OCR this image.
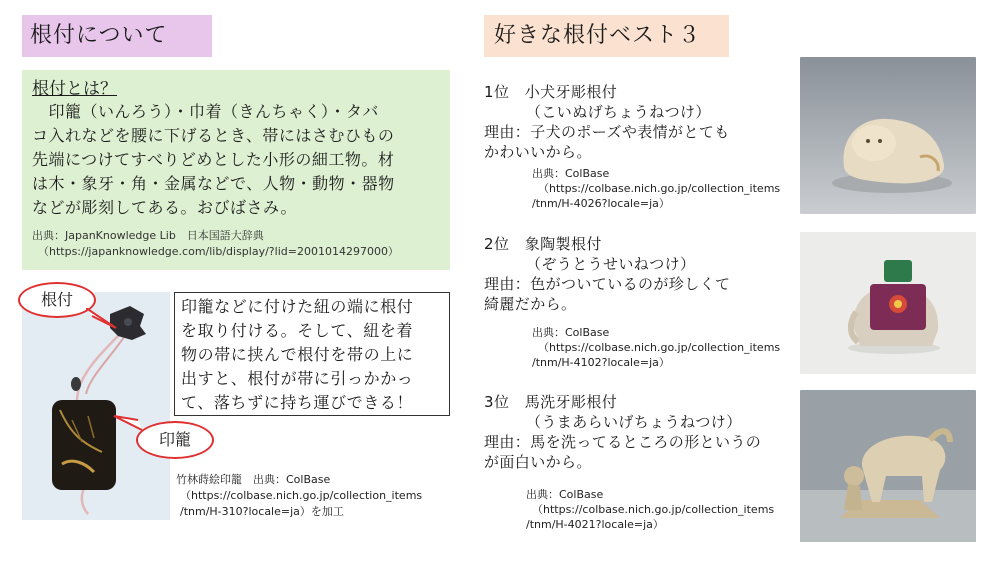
根付について	好きな根付ベスト３
根付とは？
　印籠（いんろう）・巾着（きんちゃく）・タバ
コ入れなどを腰に下げるとき、帯にはさむひもの
先端につけてすべりどめとした小形の細工物。材
は木・象牙・角・金属などで、人物・動物・器物
などが彫刻してある。おびばさみ。
出典：JapanKnowledge Lib　日本国語大辞典
（https://japanknowledge.com/lib/display/?lid=2001014297000）
根付
印籠
印籠などに付けた紐の端に根付
を取り付ける。そして、紐を着
物の帯に挟んで根付を帯の上に
出すと、根付が帯に引っかかっ
て、落ちずに持ち運びできる！
竹林蒔絵印籠　出典：ColBase
（https://colbase.nich.go.jp/collection_items
/tnm/H-310?locale=ja）を加工
1位　 小犬牙彫根付
（こいぬげちょうねつけ）
理由：子犬のポーズや表情がとても
かわいいから。
出典：ColBase
（https://colbase.nich.go.jp/collection_items
/tnm/H-4026?locale=ja）
2位　 象陶製根付
（ぞうとうせいねつけ）
理由：色がついているのが珍しくて
綺麗だから。
出典：ColBase
（https://colbase.nich.go.jp/collection_items
/tnm/H-4102?locale=ja）
3位　 馬洗牙彫根付
（うまあらいげちょうねつけ）
理由：馬を洗ってるところの形というの
が面白いから。
出典：ColBase
（https://colbase.nich.go.jp/collection_items
/tnm/H-4021?locale=ja）
